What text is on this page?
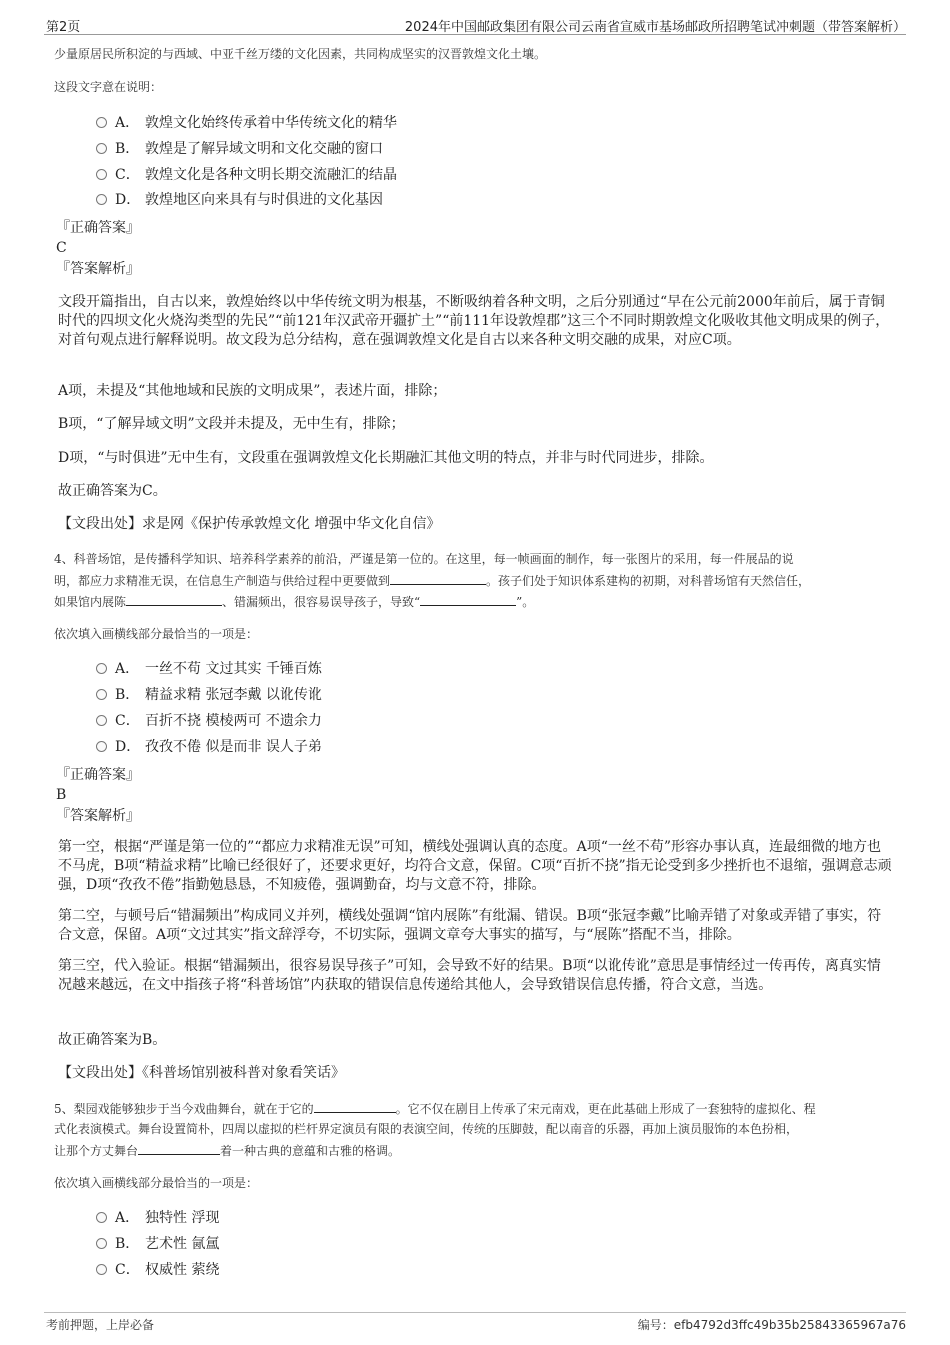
第2页	2024年中国邮政集团有限公司云南省宣威市基场邮政所招聘笔试冲刺题（带答案解析）
少量原居民所积淀的与西域、中亚千丝万缕的文化因素，共同构成坚实的汉晋敦煌文化土壤。
这段文字意在说明：
A． 敦煌文化始终传承着中华传统文化的精华
B． 敦煌是了解异域文明和文化交融的窗口
C． 敦煌文化是各种文明长期交流融汇的结晶
D． 敦煌地区向来具有与时俱进的文化基因
『正确答案』
C
『答案解析』
文段开篇指出，自古以来，敦煌始终以中华传统文明为根基，不断吸纳着各种文明，之后分别通过“早在公元前2000年前后，属于青铜时代的四坝文化火烧沟类型的先民”“前121年汉武帝开疆扩土”“前111年设敦煌郡”这三个不同时期敦煌文化吸收其他文明成果的例子，对首句观点进行解释说明。故文段为总分结构，意在强调敦煌文化是自古以来各种文明交融的成果，对应C项。
A项，未提及“其他地域和民族的文明成果”，表述片面，排除；
B项，“了解异域文明”文段并未提及，无中生有，排除；
D项，“与时俱进”无中生有，文段重在强调敦煌文化长期融汇其他文明的特点，并非与时代同进步，排除。
故正确答案为C。
【文段出处】求是网《保护传承敦煌文化 增强中华文化自信》
4、科普场馆，是传播科学知识、培养科学素养的前沿，严谨是第一位的。在这里，每一帧画面的制作，每一张图片的采用，每一件展品的说
明，都应力求精准无误，在信息生产制造与供给过程中更要做到	。孩子们处于知识体系建构的初期，对科普场馆有天然信任，
如果馆内展陈	、错漏频出，很容易误导孩子，导致“	”。
依次填入画横线部分最恰当的一项是：
A． 一丝不苟 文过其实 千锤百炼
B． 精益求精 张冠李戴 以讹传讹
C． 百折不挠 模棱两可 不遗余力
D． 孜孜不倦 似是而非 误人子弟
『正确答案』
B
『答案解析』
第一空，根据“严谨是第一位的”“都应力求精准无误”可知，横线处强调认真的态度。A项“一丝不苟”形容办事认真，连最细微的地方也不马虎，B项“精益求精”比喻已经很好了，还要求更好，均符合文意，保留。C项“百折不挠”指无论受到多少挫折也不退缩，强调意志顽强，D项“孜孜不倦”指勤勉恳恳，不知疲倦，强调勤奋，均与文意不符，排除。
第二空，与顿号后“错漏频出”构成同义并列，横线处强调“馆内展陈”有纰漏、错误。B项“张冠李戴”比喻弄错了对象或弄错了事实，符合文意，保留。A项“文过其实”指文辞浮夸，不切实际，强调文章夸大事实的描写，与“展陈”搭配不当，排除。
第三空，代入验证。根据“错漏频出，很容易误导孩子”可知，会导致不好的结果。B项“以讹传讹”意思是事情经过一传再传，离真实情况越来越远，在文中指孩子将“科普场馆”内获取的错误信息传递给其他人，会导致错误信息传播，符合文意，当选。
故正确答案为B。
【文段出处】《科普场馆别被科普对象看笑话》
5、梨园戏能够独步于当今戏曲舞台，就在于它的	。它不仅在剧目上传承了宋元南戏，更在此基础上形成了一套独特的虚拟化、程
式化表演模式。舞台设置简朴，四周以虚拟的栏杆界定演员有限的表演空间，传统的压脚鼓，配以南音的乐器，再加上演员服饰的本色扮相，
让那个方丈舞台	着一种古典的意蕴和古雅的格调。
依次填入画横线部分最恰当的一项是：
A． 独特性 浮现
B． 艺术性 氤氲
C． 权威性 萦绕
考前押题，上岸必备	编号：efb4792d3ffc49b35b25843365967a76
